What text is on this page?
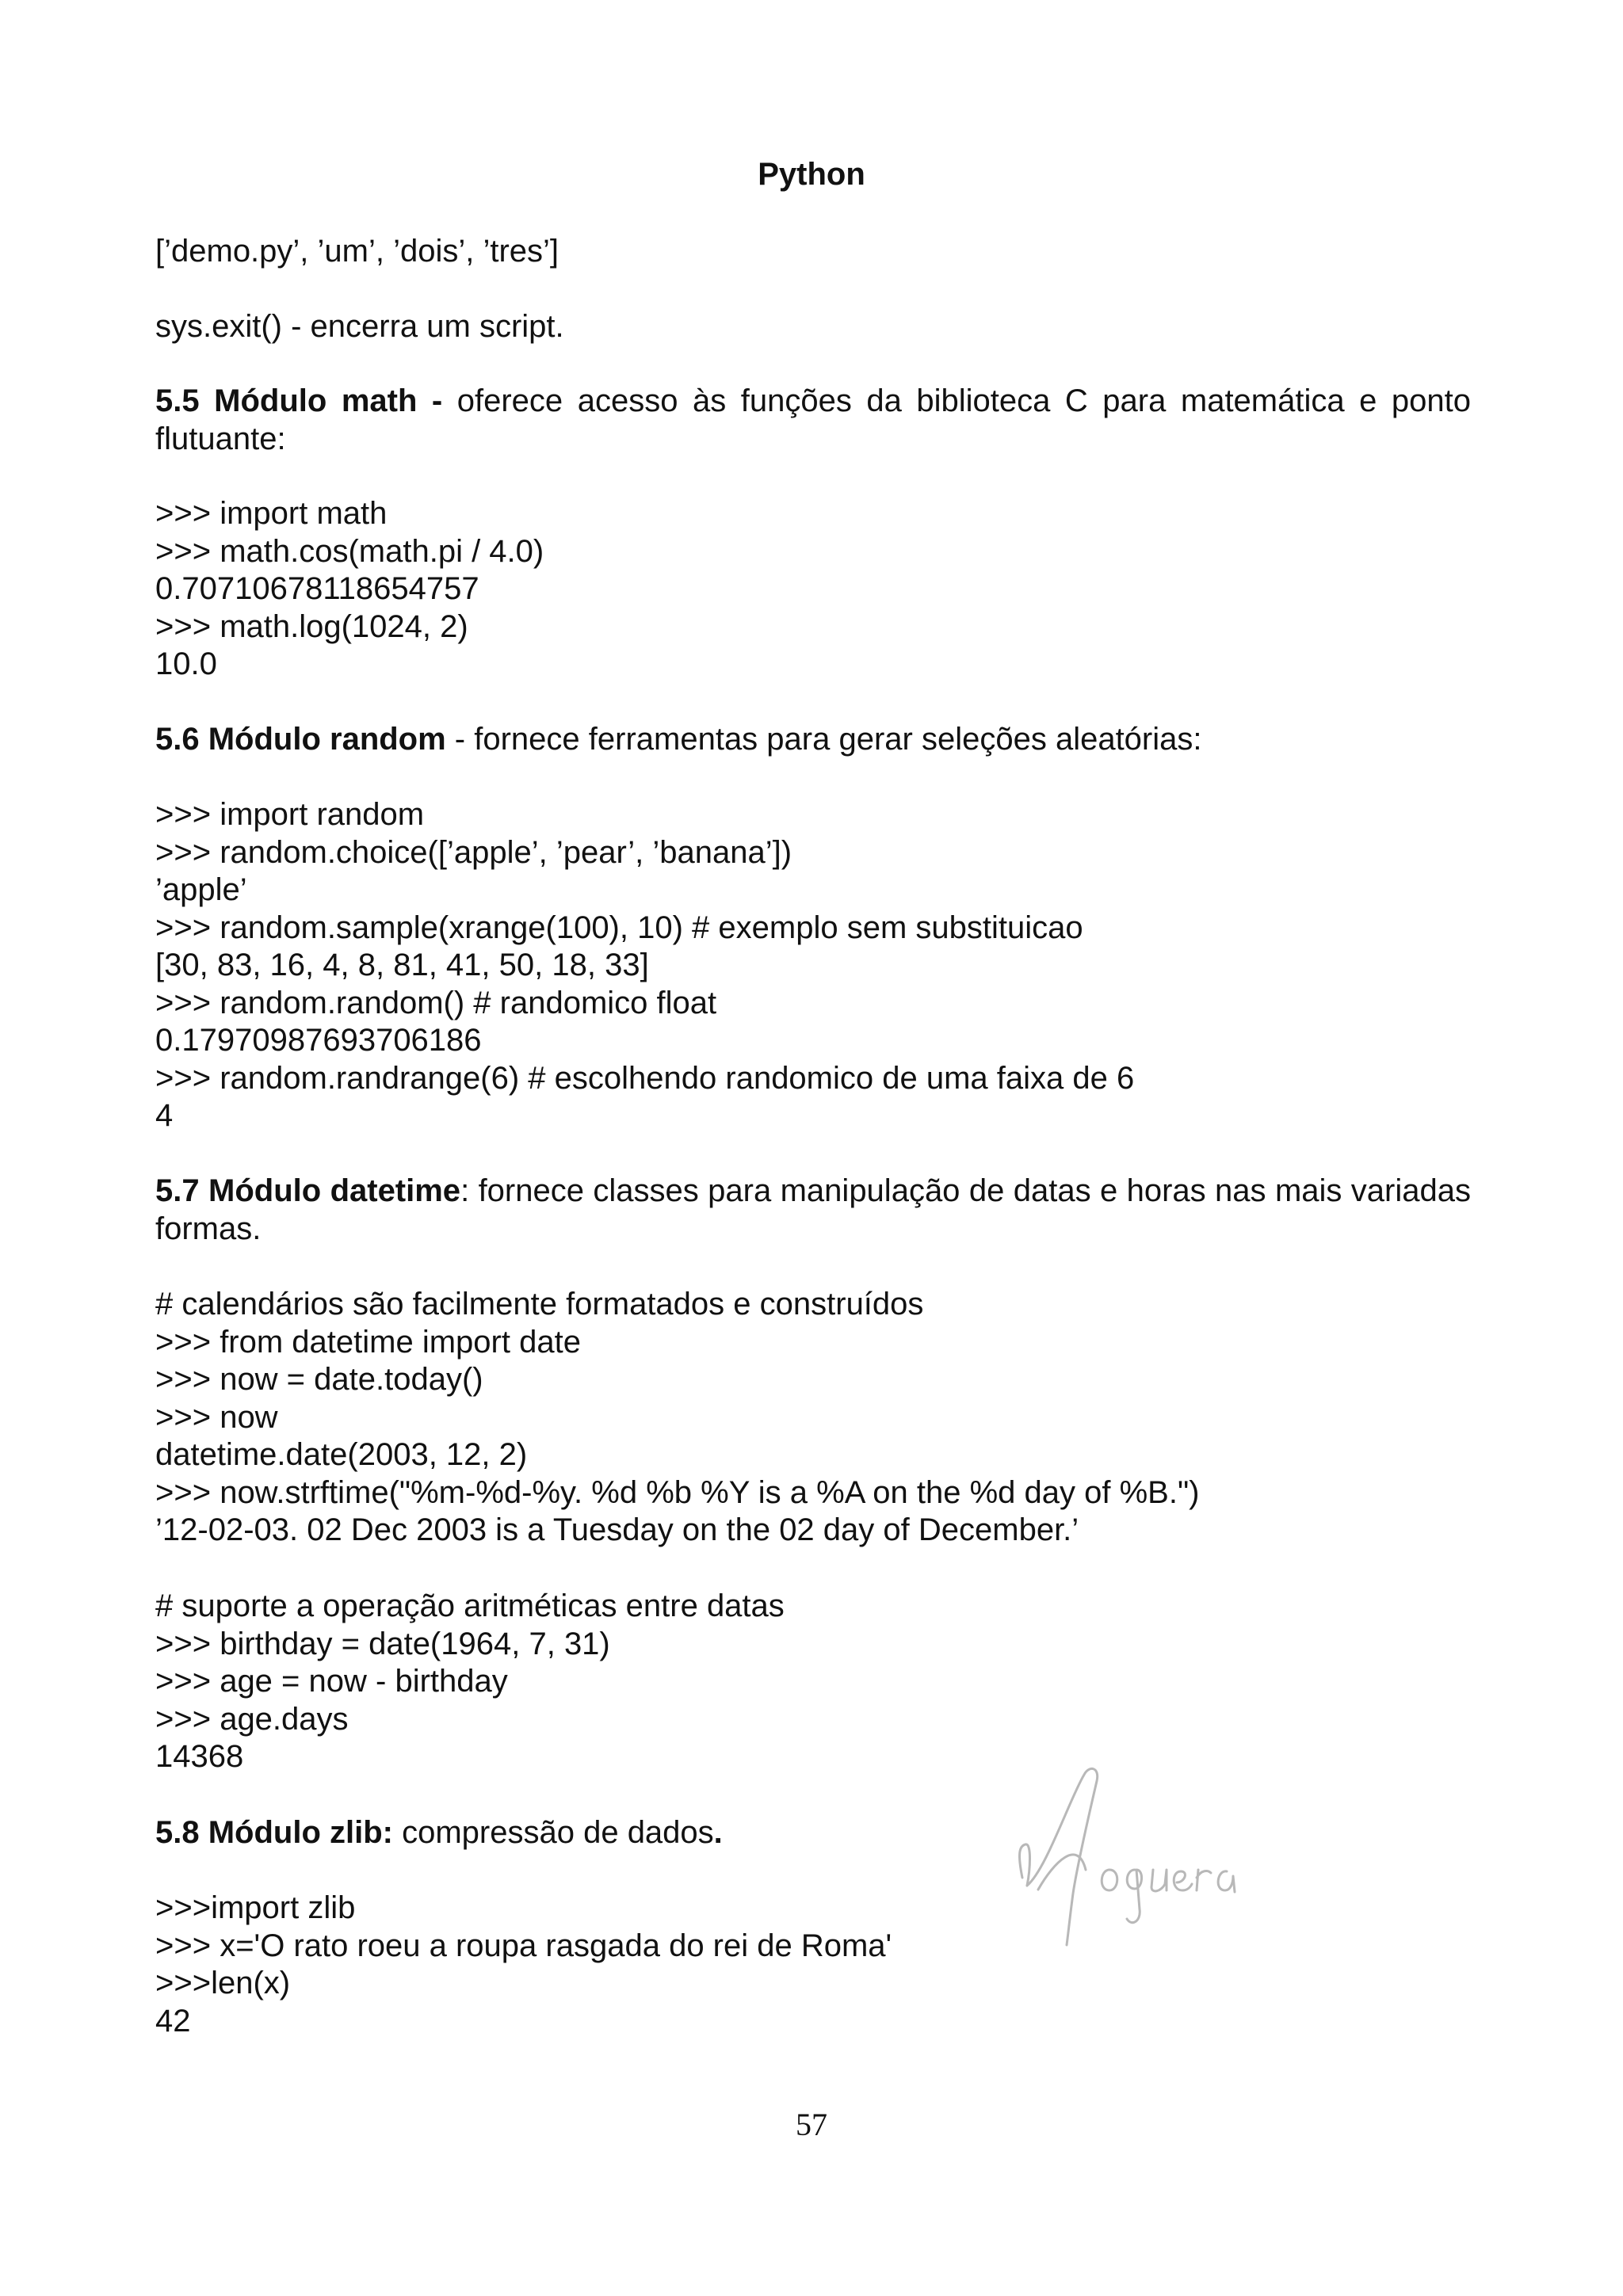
Python
[’demo.py’, ’um’, ’dois’, ’tres’]
sys.exit() - encerra um script.
5.5 Módulo math - oferece acesso às funções da biblioteca C para matemática e ponto flutuante:
>>> import math
>>> math.cos(math.pi / 4.0)
0.70710678118654757
>>> math.log(1024, 2)
10.0
5.6 Módulo random - fornece ferramentas para gerar seleções aleatórias:
>>> import random
>>> random.choice([’apple’, ’pear’, ’banana’])
’apple’
>>> random.sample(xrange(100), 10) # exemplo sem substituicao
[30, 83, 16, 4, 8, 81, 41, 50, 18, 33]
>>> random.random() # randomico float
0.17970987693706186
>>> random.randrange(6) # escolhendo randomico de uma faixa de 6
4
5.7 Módulo datetime: fornece classes para manipulação de datas e horas nas mais variadas formas.
# calendários são facilmente formatados e construídos
>>> from datetime import date
>>> now = date.today()
>>> now
datetime.date(2003, 12, 2)
>>> now.strftime("%m-%d-%y. %d %b %Y is a %A on the %d day of %B.")
’12-02-03. 02 Dec 2003 is a Tuesday on the 02 day of December.’
# suporte a operação aritméticas entre datas
>>> birthday = date(1964, 7, 31)
>>> age = now - birthday
>>> age.days
14368
5.8 Módulo zlib: compressão de dados.
>>>import zlib
>>> x='O rato roeu a roupa rasgada do rei de Roma'
>>>len(x)
42
57
